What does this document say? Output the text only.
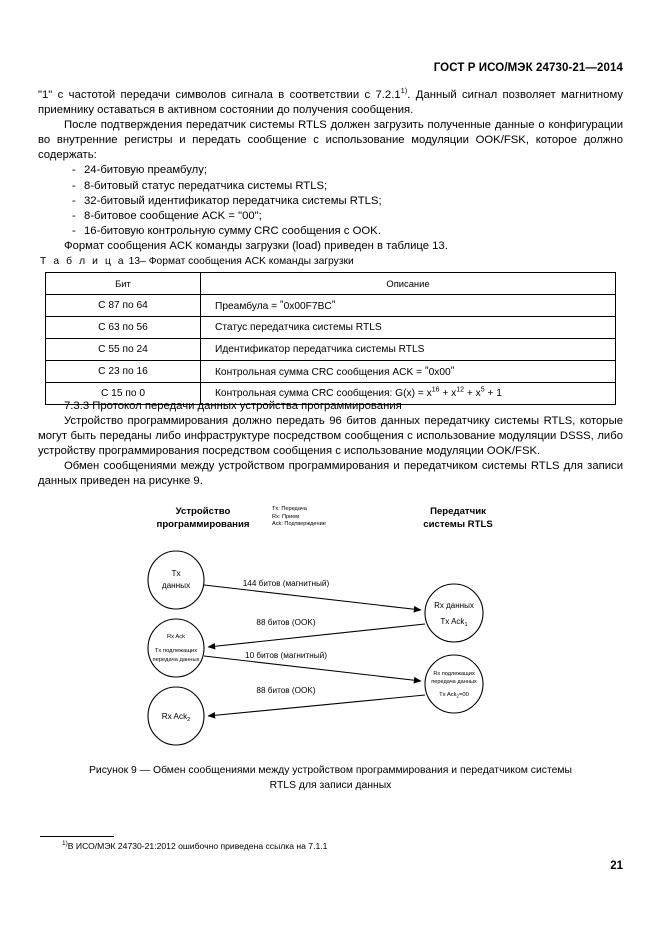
ГОСТ Р ИСО/МЭК 24730-21—2014

"1" с частотой передачи символов сигнала в соответствии с 7.2.1$^{1)}$. Данный сигнал позволяет магнитному приемнику оставаться в активном состоянии до получения сообщения.

После подтверждения передатчик системы RTLS должен загрузить полученные данные о конфигурации во внутренние регистры и передать сообщение с использование модуляции OOK/FSK, которое должно содержать:

- 24-битовую преамбулу;
- 8-битовый статус передатчика системы RTLS;
- 32-битовый идентификатор передатчика системы RTLS;
- 8-битовое сообщение ACK = "00";
- 16-битовую контрольную сумму CRC сообщения с OOK.
Формат сообщения ACK команды загрузки (load) приведен в таблице 13.
Т а б л и ц а 13– Формат сообщения ACK команды загрузки
Бит	Описание
С 87 по 64	Преамбула = ”0x00F7BC”
С 63 по 56	Статус передатчика системы RTLS
С 55 по 24	Идентификатор передатчика системы RTLS
С 23 по 16	Контрольная сумма CRC сообщения ACK = ”0x00”
С 15 по 0	Контрольная сумма CRC сообщения: $G(x) = x^{16} + x^{12} + x^5 + 1$

7.3.3 Протокол передачи данных устройства программирования

Устройство программирования должно передать 96 битов данных передатчику системы RTLS, которые могут быть переданы либо инфраструктуре посредством сообщения с использование модуляции DSSS, либо устройству программирования посредством сообщения с использование модуляции OOK/FSK.

Обмен сообщениями между устройством программирования и передатчиком системы RTLS для записи данных приведен на рисунке 9.

Устройство
программирования
Передатчик
системы RTLS
Tx: Передача
Rx: Прием
Ack: Подтверждение
Tx
данных
Rx Ack
Tx подлежащих
передача данных
Rx Ack$_2$
Rx данных
Tx Ack$_1$
Rx подлежащих
передача данных
Tx Ack$_2$=00
144 битов (магнитный)
88 битов (OOK)
10 битов (магнитный)
88 битов (OOK)
Рисунок 9 — Обмен сообщениями между устройством программирования и передатчиком системы
RTLS для записи данных
$^{1)}$В ИСО/МЭК 24730-21:2012 ошибочно приведена ссылка на 7.1.1
21
